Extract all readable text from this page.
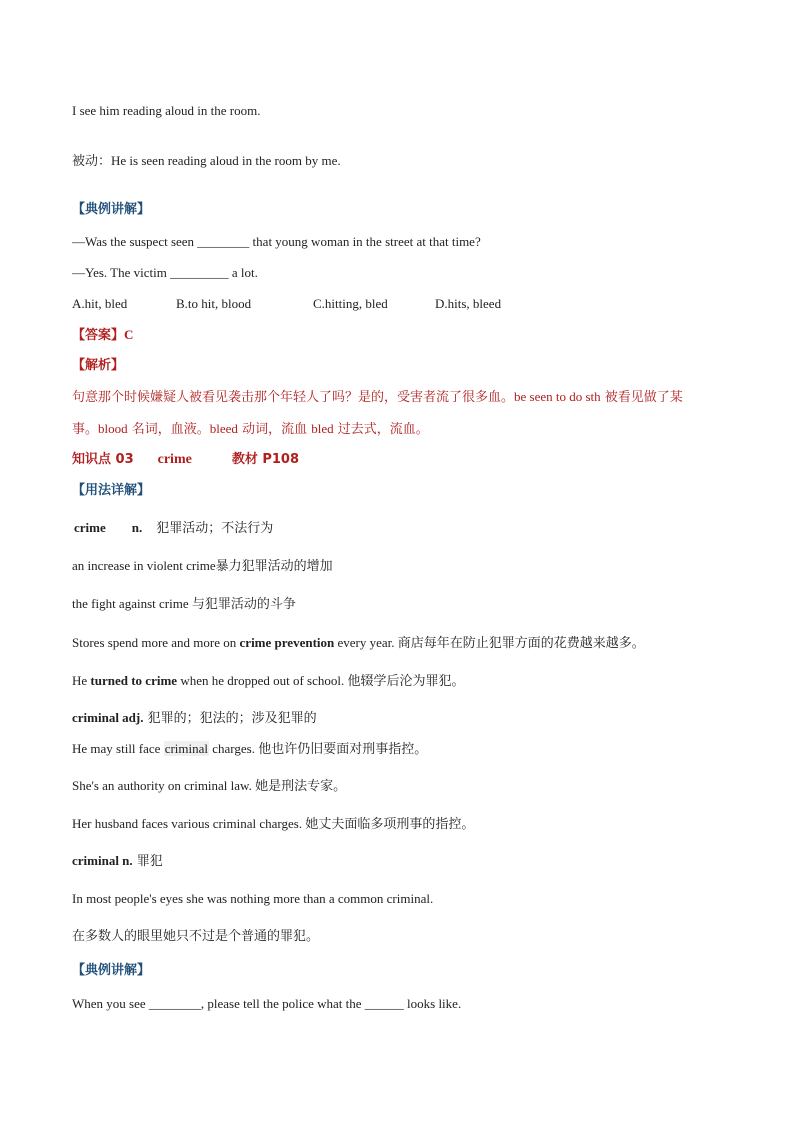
I see him reading aloud in the room.
被动：He is seen reading aloud in the room by me.
【典例讲解】
—Was the suspect seen ________ that young woman in the street at that time?
—Yes. The victim _________ a lot.
A.hit, bled	B.to hit, blood	C.hitting, bled	D.hits, bleed
【答案】C
【解析】
句意那个时候嫌疑人被看见袭击那个年轻人了吗？是的，受害者流了很多血。be seen to do sth 被看见做了某
事。blood 名词，血液。bleed 动词，流血 bled 过去式，流血。
知识点 03 crime	教材 P108
【用法详解】
crime n. 犯罪活动；不法行为
an increase in violent crime暴力犯罪活动的增加
the fight against crime 与犯罪活动的斗争
Stores spend more and more on crime prevention every year. 商店每年在防止犯罪方面的花费越来越多。
He turned to crime when he dropped out of school. 他辍学后沦为罪犯。
criminal adj. 犯罪的；犯法的；涉及犯罪的
He may still face criminal charges. 他也许仍旧要面对刑事指控。
She's an authority on criminal law. 她是刑法专家。
Her husband faces various criminal charges. 她丈夫面临多项刑事的指控。
criminal n. 罪犯
In most people's eyes she was nothing more than a common criminal.
在多数人的眼里她只不过是个普通的罪犯。
【典例讲解】
When you see ________, please tell the police what the ______ looks like.
